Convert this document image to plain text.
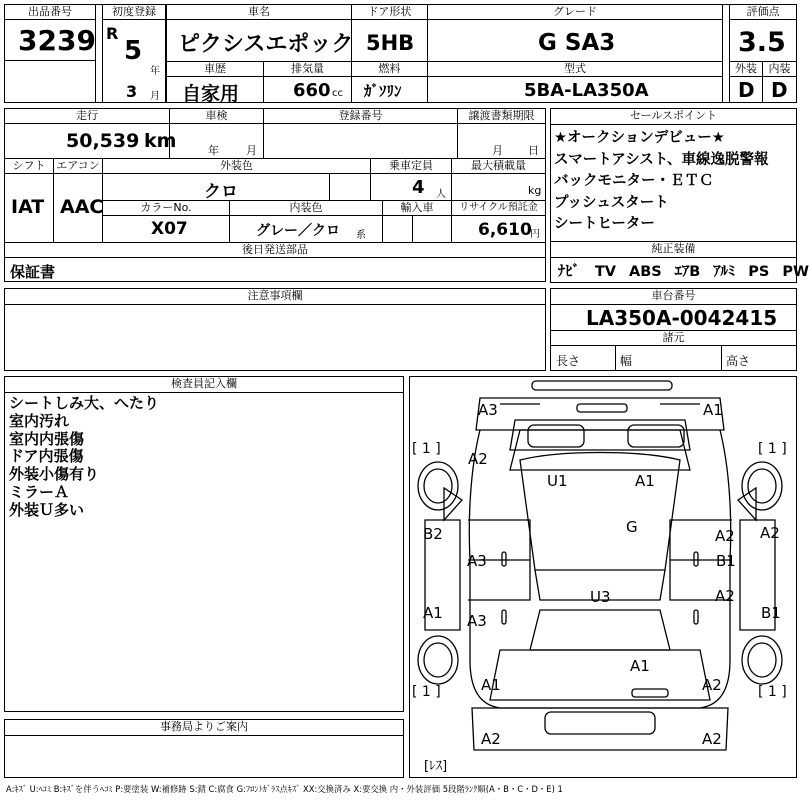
出品番号
3239
初度登録
R
5
年
3 月
車名
ピクシスエポック
車歴
自家用
排気量
660 cc
ドア形状
5HB
燃料
ｶﾞｿﾘﾝ
グレード
G SA3
型式
5BA-LA350A
評価点
3.5
外装	内装
D D
走行
50,539 km
車検
年 月
登録番号	譲渡書類期限
月 日
シフト
IAT
エアコン
AAC
外装色
クロ
乗車定員
4 人
最大積載量
kg
カラーNo.
X07
内装色
グレー／クロ 系
輸入車	リサイクル預託金
6,610
円
後日発送部品
保証書
セールスポイント
★オークションデビュー★
スマートアシスト、車線逸脱警報
バックモニター・ＥＴＣ
プッシュスタート
シートヒーター
純正装備
ﾅﾋﾞ TV ABS ｴｱB ｱﾙﾐ PS PW
注意事項欄	車台番号
LA350A-0042415
諸元
長さ	幅	高さ
検査員記入欄
シートしみ大、へたり
室内汚れ
室内内張傷
ドア内張傷
外装小傷有り
ミラーＡ
外装Ｕ多い
A3	A1
A2
U1	A1
G
B2	A2 A2
A3	B1
U3	A2
A1 A3	B1
A1
A1	A2
A2	A2
[ 1 ]	[ 1 ]
[ 1 ]	[ 1 ]
[ﾚｽ]
事務局よりご案内
A:ｷｽﾞ U:ﾍｺﾐ B:ｷｽﾞを伴うﾍｺﾐ P:要塗装 W:補修跡 S:錆 C:腐食 G:ﾌﾛﾝﾄｶﾞﾗｽ点ｷｽﾞ XX:交換済み X:要交換 内・外装評価 5段階ﾗﾝｸ順(A・B・C・D・E) 1
